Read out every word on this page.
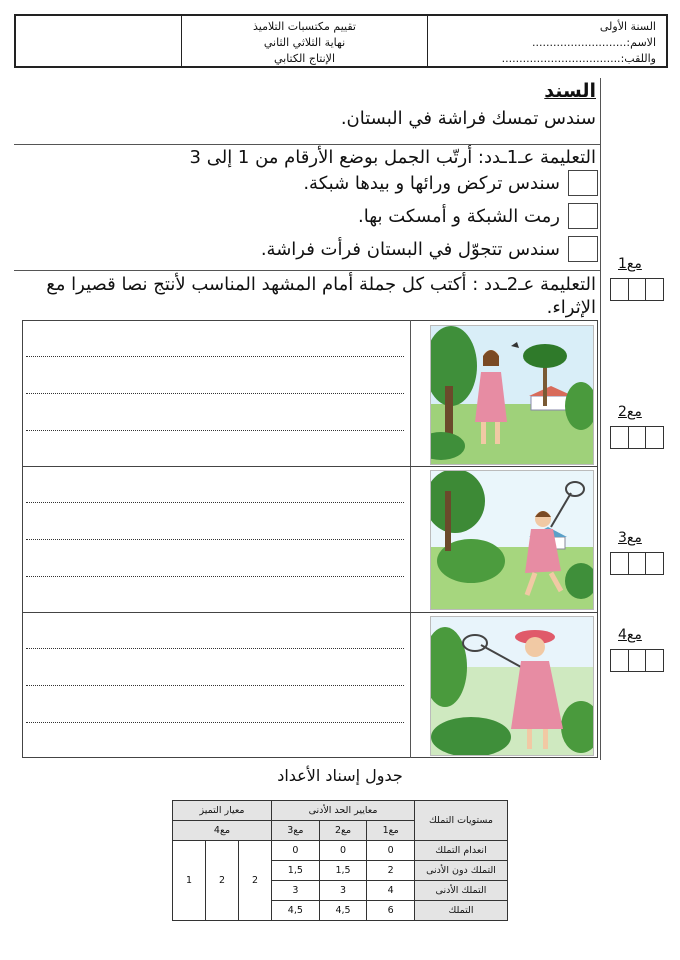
تقييم مكتسبات التلاميذ
نهاية الثلاثي الثاني
الإنتاج الكتابي
السنة الأولى
الاسم:...........................
واللقب:..................................
السند
سندس تمسك فراشة في البستان.
التعليمة عـ1ـدد: أرتّب الجمل بوضع الأرقام من 1 إلى 3
سندس تركض ورائها و بيدها شبكة.
رمت الشبكة و أمسكت بها.
سندس تتجوّل في البستان فرأت فراشة.
مع1
التعليمة عـ2ـدد : أكتب كل جملة أمام المشهد المناسب لأنتج نصا قصيرا مع الإثراء.
مع2
مع3
مع4
جدول إسناد الأعداد
مستويات التملك	معايير الحد الأدنى			معيار التميز		
	مع1	مع2	مع3	مع4		
انعدام التملك	0	0	0	2	2	1
التملك دون الأدنى	2	1,5	1,5			
التملك الأدنى	4	3	3			
التملك	6	4,5	4,5			
